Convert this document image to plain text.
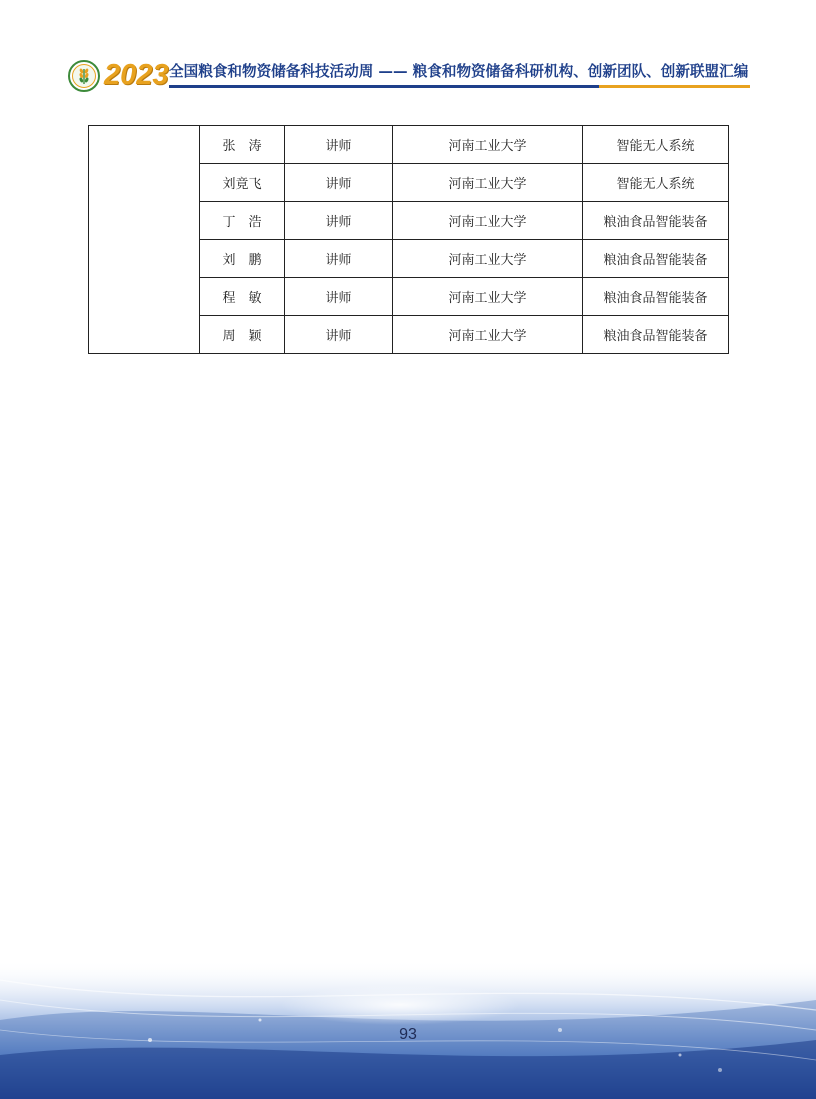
2023 全国粮食和物资储备科技活动周 —— 粮食和物资储备科研机构、创新团队、创新联盟汇编
	张　涛	讲师	河南工业大学	智能无人系统
	刘竟飞	讲师	河南工业大学	智能无人系统
	丁　浩	讲师	河南工业大学	粮油食品智能装备
	刘　鹏	讲师	河南工业大学	粮油食品智能装备
	程　敏	讲师	河南工业大学	粮油食品智能装备
	周　颖	讲师	河南工业大学	粮油食品智能装备
93
